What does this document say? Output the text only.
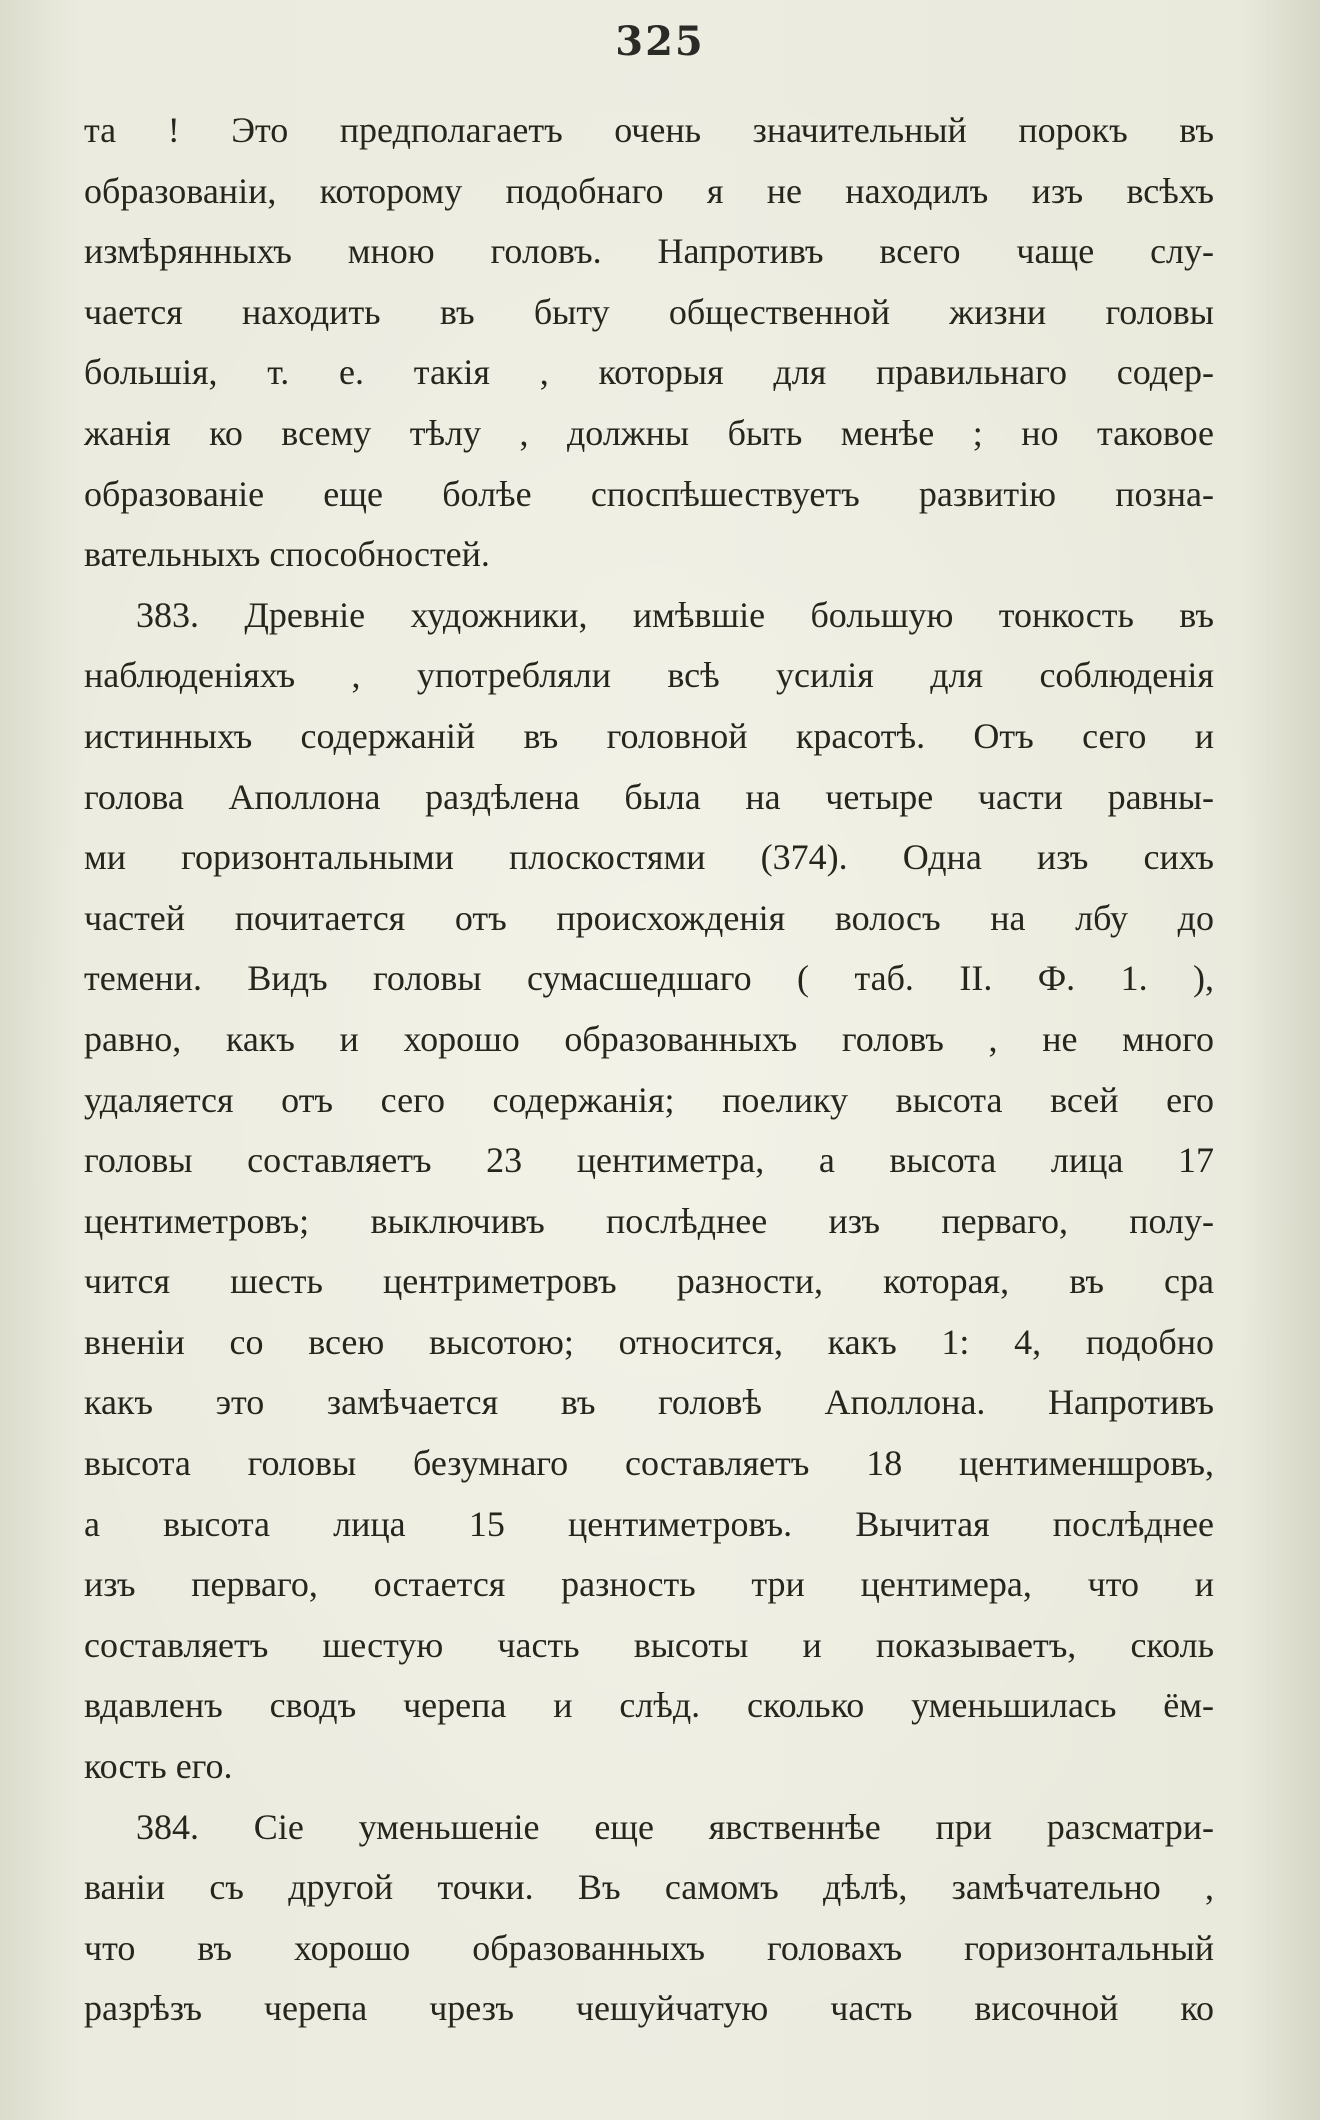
325
та ! Это предполагаетъ очень значительный порокъ въ
образованіи, которому подобнаго я не находилъ изъ всѣхъ
измѣрянныхъ мною головъ. Напротивъ всего чаще слу-
чается находить въ быту общественной жизни головы
большія, т. е. такія , которыя для правильнаго содер-
жанія ко всему тѣлу , должны быть менѣе ; но таковое
образованіе еще болѣе споспѣшествуетъ развитію позна-
вательныхъ способностей.
383. Древніе художники, имѣвшіе большую тонкость въ
наблюденіяхъ , употребляли всѣ усилія для соблюденія
истинныхъ содержаній въ головной красотѣ. Отъ сего и
голова Аполлона раздѣлена была на четыре части равны-
ми горизонтальными плоскостями (374). Одна изъ сихъ
частей почитается отъ происхожденія волосъ на лбу до
темени. Видъ головы сумасшедшаго ( таб. II. Ф. 1. ),
равно, какъ и хорошо образованныхъ головъ , не много
удаляется отъ сего содержанія; поелику высота всей его
головы составляетъ 23 центиметра, а высота лица 17
центиметровъ; выключивъ послѣднее изъ перваго, полу-
чится шесть центриметровъ разности, которая, въ сра
вненіи со всею высотою; относится, какъ 1: 4, подобно
какъ это замѣчается въ головѣ Аполлона. Напротивъ
высота головы безумнаго составляетъ 18 центименшровъ,
а высота лица 15 центиметровъ. Вычитая послѣднее
изъ перваго, остается разность три центимера, что и
составляетъ шестую часть высоты и показываетъ, сколь
вдавленъ сводъ черепа и слѣд. сколько уменьшилась ём-
кость его.
384. Сіе уменьшеніе еще явственнѣе при разсматри-
ваніи съ другой точки. Въ самомъ дѣлѣ, замѣчательно ,
что въ хорошо образованныхъ головахъ горизонтальный
разрѣзъ черепа чрезъ чешуйчатую часть височной ко
